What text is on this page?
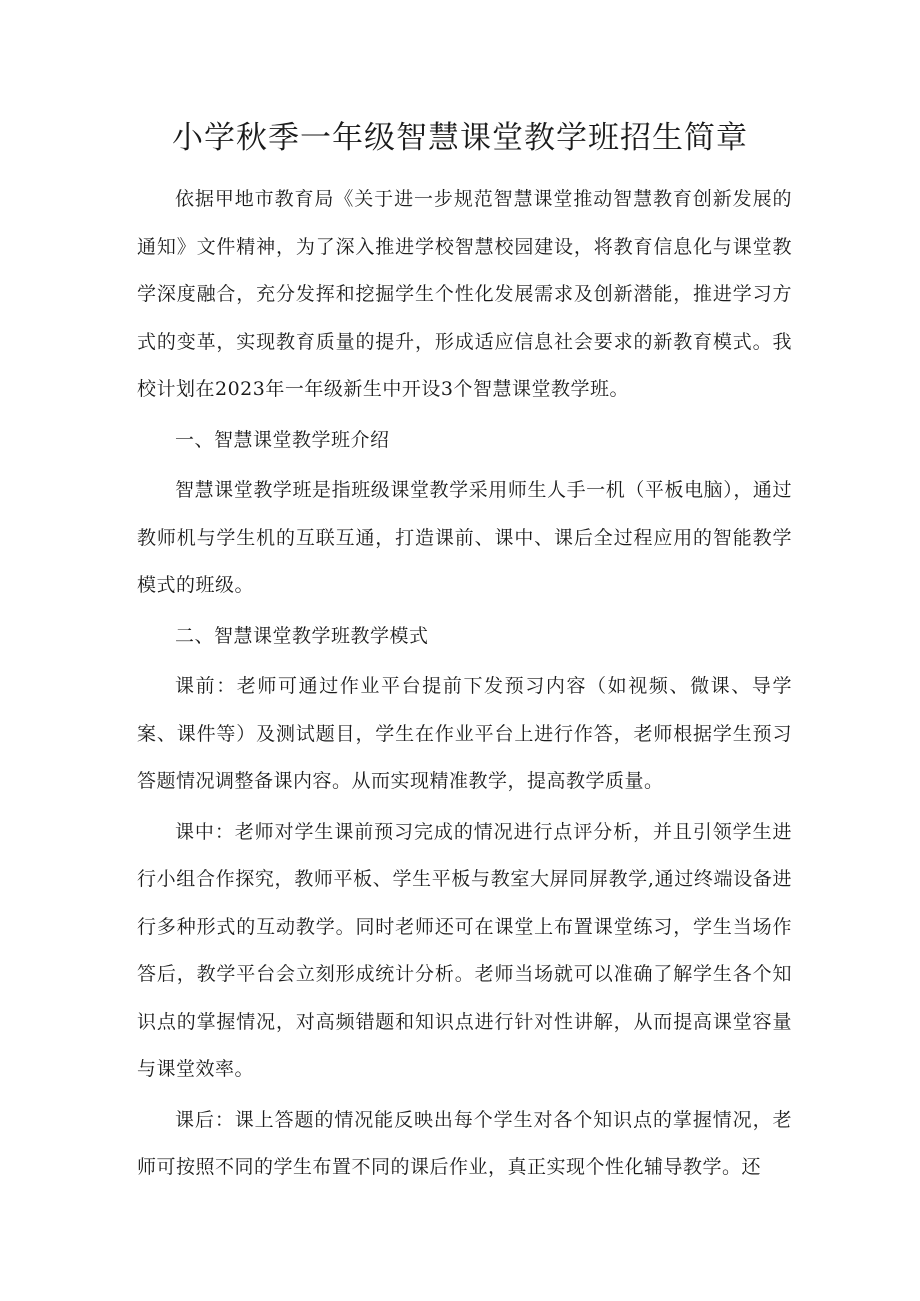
小学秋季一年级智慧课堂教学班招生简章

依据甲地市教育局《关于进一步规范智慧课堂推动智慧教育创新发展的通知》文件精神，为了深入推进学校智慧校园建设，将教育信息化与课堂教学深度融合，充分发挥和挖掘学生个性化发展需求及创新潜能，推进学习方式的变革，实现教育质量的提升，形成适应信息社会要求的新教育模式。我校计划在2023年一年级新生中开设3个智慧课堂教学班。

一、智慧课堂教学班介绍

智慧课堂教学班是指班级课堂教学采用师生人手一机（平板电脑），通过教师机与学生机的互联互通，打造课前、课中、课后全过程应用的智能教学模式的班级。

二、智慧课堂教学班教学模式

课前：老师可通过作业平台提前下发预习内容（如视频、微课、导学案、课件等）及测试题目，学生在作业平台上进行作答，老师根据学生预习答题情况调整备课内容。从而实现精准教学，提高教学质量。

课中：老师对学生课前预习完成的情况进行点评分析，并且引领学生进行小组合作探究，教师平板、学生平板与教室大屏同屏教学,通过终端设备进行多种形式的互动教学。同时老师还可在课堂上布置课堂练习，学生当场作答后，教学平台会立刻形成统计分析。老师当场就可以准确了解学生各个知识点的掌握情况，对高频错题和知识点进行针对性讲解，从而提高课堂容量与课堂效率。

课后：课上答题的情况能反映出每个学生对各个知识点的掌握情况，老师可按照不同的学生布置不同的课后作业，真正实现个性化辅导教学。还
